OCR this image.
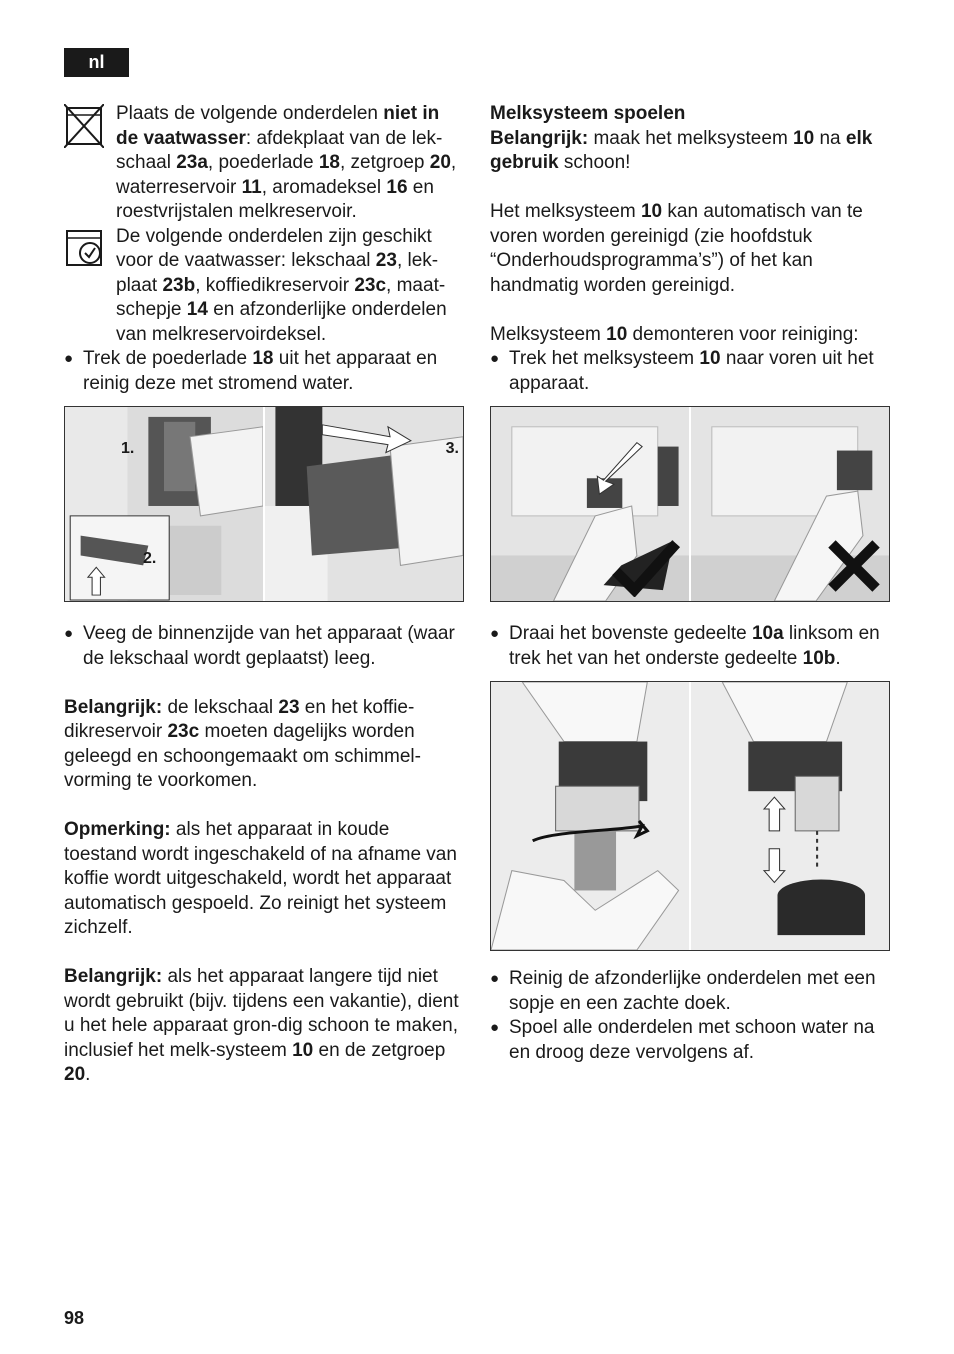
nl
Plaats de volgende onderdelen niet in de vaatwasser: afdekplaat van de lek-schaal 23a, poederlade 18, zetgroep 20, waterreservoir 11, aromadeksel 16 en roestvrijstalen melkreservoir.
De volgende onderdelen zijn geschikt voor de vaatwasser: lekschaal 23, lek-plaat 23b, koffiedikreservoir 23c, maat-schepje 14 en afzonderlijke onderdelen van melkreservoirdeksel.
● Trek de poederlade 18 uit het apparaat en reinig deze met stromend water.
1.
2.
3.
● Veeg de binnenzijde van het apparaat (waar de lekschaal wordt geplaatst) leeg.
Belangrijk: de lekschaal 23 en het koffie-dikreservoir 23c moeten dagelijks worden geleegd en schoongemaakt om schimmel-vorming te voorkomen.
Opmerking: als het apparaat in koude toestand wordt ingeschakeld of na afname van koffie wordt uitgeschakeld, wordt het apparaat automatisch gespoeld. Zo reinigt het systeem zichzelf.
Belangrijk: als het apparaat langere tijd niet wordt gebruikt (bijv. tijdens een vakantie), dient u het hele apparaat gron-dig schoon te maken, inclusief het melk-systeem 10 en de zetgroep 20.
Melksysteem spoelen
Belangrijk: maak het melksysteem 10 na elk gebruik schoon!
Het melksysteem 10 kan automatisch van te voren worden gereinigd (zie hoofdstuk “Onderhoudsprogramma’s”) of het kan handmatig worden gereinigd.
Melksysteem 10 demonteren voor reiniging:
● Trek het melksysteem 10 naar voren uit het apparaat.
● Draai het bovenste gedeelte 10a linksom en trek het van het onderste gedeelte 10b.
● Reinig de afzonderlijke onderdelen met een sopje en een zachte doek.
● Spoel alle onderdelen met schoon water na en droog deze vervolgens af.
98
